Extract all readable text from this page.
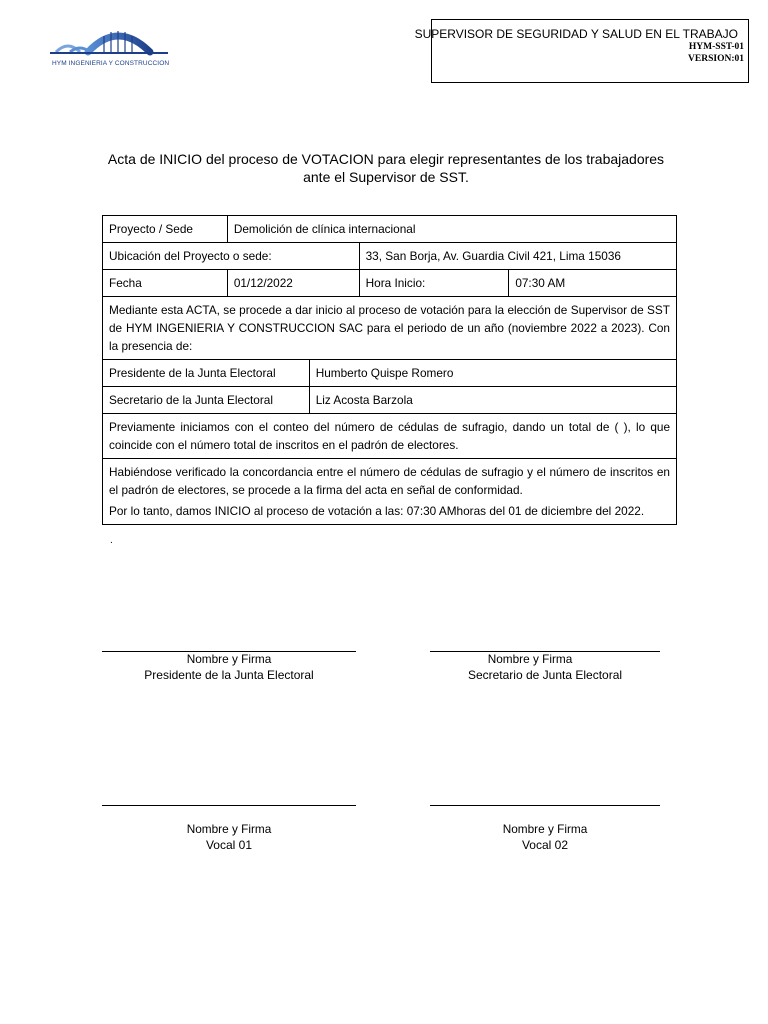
HYM INGENIERIA Y CONSTRUCCION
SUPERVISOR DE SEGURIDAD Y SALUD EN EL TRABAJO
HYM-SST-01
VERSION:01
Acta de INICIO del proceso de VOTACION para elegir representantes de los trabajadores
ante el Supervisor de SST.
Proyecto / Sede	Demolición de clínica internacional			
Ubicación del Proyecto o sede:			33, San Borja, Av. Guardia Civil 421, Lima 15036	
Fecha	01/12/2022		Hora Inicio:	07:30 AM
Mediante esta ACTA, se procede a dar inicio al proceso de votación para la elección de Supervisor de SST de HYM INGENIERIA Y CONSTRUCCION SAC para el periodo de un año (noviembre 2022 a 2023). Con la presencia de:				
Presidente de la Junta Electoral		Humberto Quispe Romero		
Secretario de la Junta Electoral		Liz Acosta Barzola		
Previamente iniciamos con el conteo del número de cédulas de sufragio, dando un total de ( ), lo que coincide con el número total de inscritos en el padrón de electores.				

Habiéndose verificado la concordancia entre el número de cédulas de sufragio y el número de inscritos en el padrón de electores, se procede a la firma del acta en señal de conformidad.
Por lo tanto, damos INICIO al proceso de votación a las: 07:30 AMhoras del 01 de diciembre del 2022.				
.
Nombre y Firma
Presidente de la Junta Electoral
Nombre y Firma
Secretario de Junta Electoral
Nombre y Firma
Vocal 01
Nombre y Firma
Vocal 02
